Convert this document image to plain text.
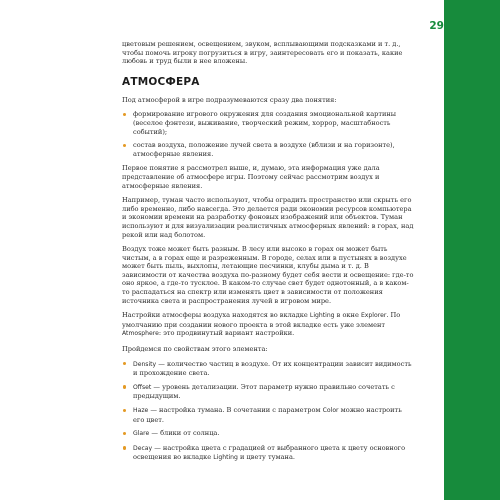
29

цветовым решением, освещением, звуком, всплывающими подсказками и т. д., чтобы помочь игроку погрузиться в игру, заинтересовать его и показать, какие любовь и труд были в нее вложены.

АТМОСФЕРА

Под атмосферой в игре подразумеваются сразу два понятия:

формирование игрового окружения для создания эмоциональной картины (веселое фэнтези, выживание, творческий режим, хоррор, масштабность событий);
состав воздуха, положение лучей света в воздухе (вблизи и на горизонте), атмосферные явления.

Первое понятие я рассмотрел выше, и, думаю, эта информация уже дала представление об атмосфере игры. Поэтому сейчас рассмотрим воздух и атмосферные явления.

Например, туман часто используют, чтобы оградить пространство или скрыть его либо временно, либо навсегда. Это делается ради экономии ресурсов компьютера и экономии времени на разработку фоновых изображений или объектов. Туман используют и для визуализации реалистичных атмосферных явлений: в горах, над рекой или над болотом.

Воздух тоже может быть разным. В лесу или высоко в горах он может быть чистым, а в горах еще и разреженным. В городе, селах или в пустынях в воздухе может быть пыль, выхлопы, летающие песчинки, клубы дыма и т. д. В зависимости от качества воздуха по-разному будет себя вести и освещение: где-то оно яркое, а где-то тусклое. В каком-то случае свет будет однотонный, а в каком-то распадаться на спектр или изменять цвет в зависимости от положения источника света и распространения лучей в игровом мире.

Настройки атмосферы воздуха находятся во вкладке Lighting в окне Explorer. По умолчанию при создании нового проекта в этой вкладке есть уже элемент Atmosphere: это продвинутый вариант настройки.

Пройдемся по свойствам этого элемента:

Density — количество частиц в воздухе. От их концентрации зависит видимость и прохождение света.
Offset — уровень детализации. Этот параметр нужно правильно сочетать с предыдущим.
Haze — настройка тумана. В сочетании с параметром Color можно настроить его цвет.
Glare — блики от солнца.
Decay — настройка цвета с градацией от выбранного цвета к цвету основного освещения во вкладке Lighting и цвету тумана.
